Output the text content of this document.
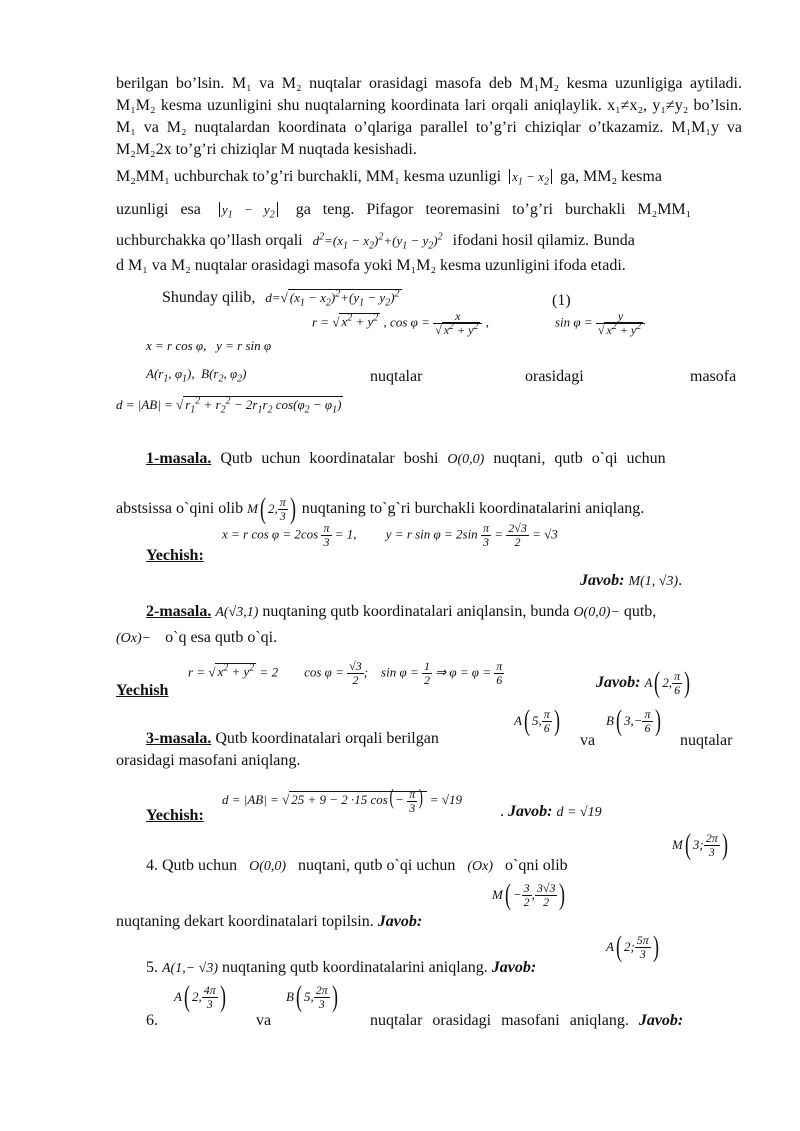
berilgan bo’lsin. M₁ va M₂ nuqtalar orasidagi masofa deb M₁M₂ kesma uzunligiga aytiladi. M₁M₂ kesma uzunligini shu nuqtalarning koordinata lari orqali aniqlaylik. x₁≠x₂, y₁≠y₂ bo’lsin. M₁ va M₂ nuqtalardan koordinata o’qlariga parallel to’g’ri chiziqlar o’tkazamiz. M₁M₁y va M₂M₂2x to’g’ri chiziqlar M nuqtada kesishadi.
M₂MM₁ uchburchak to’g’ri burchakli, MM₁ kesma uzunligi $x_1 - x_2$ ga, MM₂ kesma
uzunligi esa $y_1 - y_2$ ga teng. Pifagor teoremasini to’g’ri burchakli M₂MM₁
uchburchakka qo’llash orqali $d^2=(x_1 - x_2)^2+(y_1 - y_2)^2$ ifodani hosil qilamiz. Bunda
d M₁ va M₂ nuqtalar orasidagi masofa yoki M₁M₂ kesma uzunligini ifoda etadi.
Shunday qilib, d=√ $(x_1 - x_2)^2+(y_1 - y_2)^2$	(1)
x = r cos φ,   y = r sin φ
r = √ $x^2 + y^2$ , $\cos \varphi = \frac{x}{√ x^2 + y^2}$ ,	$\sin \varphi = \frac{y}{√ x^2 + y^2}$
$A(r_1$, $\varphi_1$),  $B(r_2$, $\varphi_2$)	nuqtalar	orasidagi	masofa
d = |AB| = √ $r_1^2 + r_2^2 - 2r_1r_2$ $\cos(\varphi_2 - \varphi_1)$
1-masala. Qutb uchun koordinatalar boshi O(0,0) nuqtani, qutb o`qi uchun
abstsissa o`qini olib M ( 2, $\frac{\pi}{3}$ ) nuqtaning to`g`ri burchakli koordinatalarini aniqlang.
x = r $\cos \varphi = 2\cos \frac{\pi}{3} = 1$,         y = r $\sin \varphi = 2\sin \frac{\pi}{3} = \frac{2√3}{2} = √3$
Yechish:
Javob: M(1, √3).
2-masala. A(√3,1) nuqtaning qutb koordinatalari aniqlansin, bunda O(0,0)− qutb,
(Ox)− o`q esa qutb o`qi.
r = √ $x^2 + y^2 = 2$        $\cos \varphi = \frac{√3}{2}$ ;    $\sin \varphi = \frac{1}{2}$ ⇒ $\varphi = \varphi = \frac{\pi}{6}$
Yechish	Javob: A ( 2, $\frac{\pi}{6}$ )
3-masala. Qutb koordinatalari orqali berilgan
A ( 5, $\frac{\pi}{6}$ )
va
B ( $3,- \frac{\pi}{6}$ )
nuqtalar
orasidagi masofani aniqlang.
d = |AB| = √ 25 + 9 − 2 ·15 $\cos(- \frac{\pi}{3}$ ) = √19
Yechish:	. Javob: d = √19
4. Qutb uchun O(0,0) nuqtani, qutb o`qi uchun (Ox) o`qni olib
M ( 3; $\frac{2\pi}{3}$ )
nuqtaning dekart koordinatalari topilsin. Javob:
M ( − $\frac{3}{2}$ , $\frac{3√3}{2}$ )
5. A(1,− √3) nuqtaning qutb koordinatalarini aniqlang. Javob:
A ( 2; $\frac{5\pi}{3}$ )
6.
A ( 2, $\frac{4\pi}{3}$ )
va
B ( 5, $\frac{2\pi}{3}$ )
nuqtalar orasidagi masofani aniqlang. Javob:
